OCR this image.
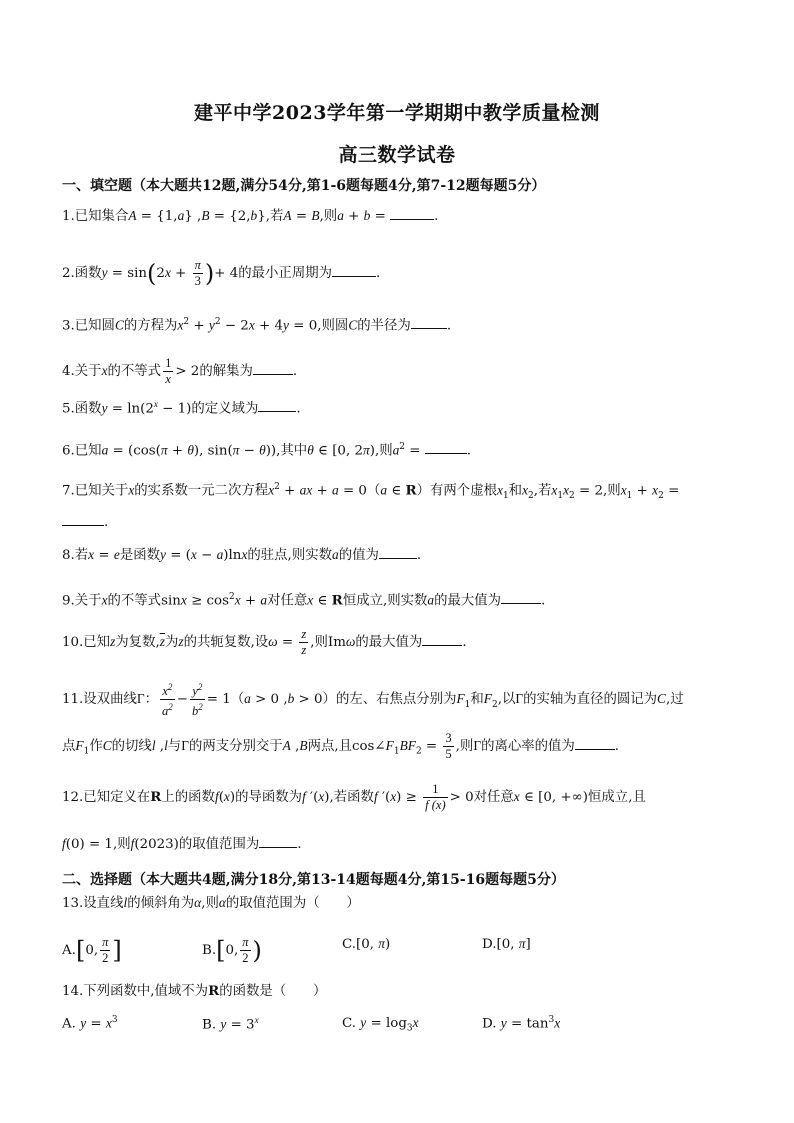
建平中学2023学年第一学期期中教学质量检测
高三数学试卷
一、填空题（本大题共12题,满分54分,第1-6题每题4分,第7-12题每题5分）
1.已知集合A = {1,a} ,B = {2,b},若A = B,则a + b =	.
2.函数$y = \sin(2x + \frac{\pi}{3}$ )+ 4的最小正周期为	.
3.已知圆C的方程为$x^2 + y^2 - 2x + 4y = 0$,则圆C的半径为	.
4.关于x的不等式 $\frac{1}{x} > 2$的解集为	.
5.函数$y = \ln(2^x - 1)$的定义域为	.
6.已知a = (cos(π + θ), sin(π − θ)),其中θ ∈ [0, 2π),则$a^2$ =	.
7.已知关于x的实系数一元二次方程$x^2$ + ax + a = 0（a ∈ R）有两个虚根$x_1$和$x_2$,若$x_1x_2 = 2$,则$x_1 + x_2$ =
.
8.若x = e是函数y = (x − a)lnx的驻点,则实数a的值为	.
9.关于x的不等式$\sin x \ge \cos^2x + a$对任意x ∈ R恒成立,则实数a的最大值为	.
10.已知z为复数$,\overline{z}$为z的共轭复数,设$\omega = \frac{z}{z}$ ,则Imω的最大值为	.
11.设双曲线Γ： $\frac{x^2}{a^2} - \frac{y^2}{b^2} = 1(a > 0$ ,b > 0）的左、右焦点分别为$F_1$和$F_2$,以Γ的实轴为直径的圆记为C,过
点$F_1$作C的切线l ,l与Γ的两支分别交于A ,B两点,且$\cos\angle F_1BF_2 = \frac{3}{5}$ ,则Γ的离心率的值为	.
12.已知定义在R上的函数f(x)的导函数为f ′(x),若函数f $'(x) \ge \frac{1}{f (x)} > 0$对任意x ∈ [0, +∞)恒成立,且
f(0) = 1,则f(2023)的取值范围为	.
二、选择题（本大题共4题,满分18分,第13-14题每题4分,第15-16题每题5分）
13.设直线l的倾斜角为α,则α的取值范围为（　　）
A.[0, $\frac{\pi}{2}$ ]	B.[0, $\frac{\pi}{2}$ )	C.[0, π)	D.[0, π]
14.下列函数中,值域不为R的函数是（　　）
A. $y = x^3$	B. $y = 3^x$	C. $y = \log_3x$	D. $y = \tan^3x$
